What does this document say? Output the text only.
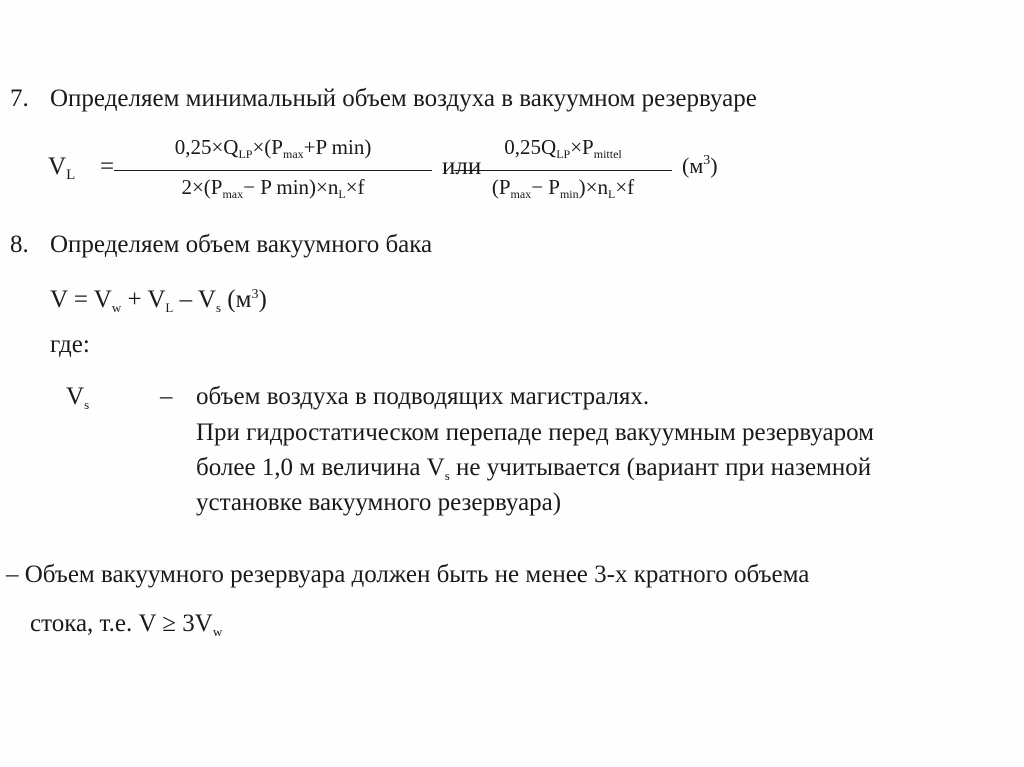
7. Определяем минимальный объем воздуха в вакуумном резервуаре
$V_L$ =
0,25×QLP×(Pmax+P min)
2×(Pmax− P min)×nL×f
или
0,25QLP×Pmittel
(Pmax− Pmin)×nL×f
$(м^3)$
8. Определяем объем вакуумного бака
$V = V_w + V_L - V_s$ $(м^3)$
где:
$V_s$	– объем воздуха в подводящих магистралях.
При гидростатическом перепаде перед вакуумным резервуаром
более 1,0 м величина $V_s$ не учитывается (вариант при наземной
установке вакуумного резервуара)
– Объем вакуумного резервуара должен быть не менее 3-х кратного объема
стока, т.е. $V \ge 3V_w$
